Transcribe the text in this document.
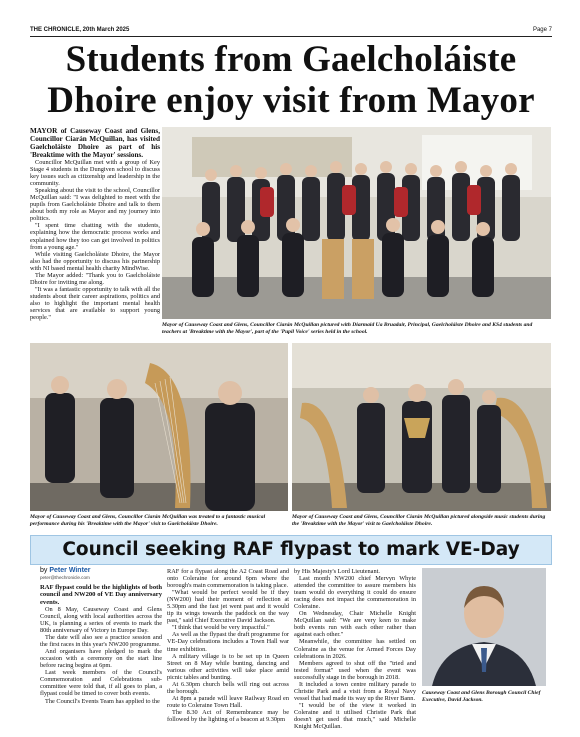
THE CHRONICLE, 20th March 2025	Page 7
Students from Gaelcholáiste Dhoire enjoy visit from Mayor

MAYOR of Causeway Coast and Glens, Councillor Ciarán McQuillan, has visited Gaelcholáiste Dhoire as part of his 'Breaktime with the Mayor' sessions.

Councillor McQuillan met with a group of Key Stage 4 students in the Dungiven school to discuss key issues such as citizenship and leadership in the community.

Speaking about the visit to the school, Councillor McQuillan said: "I was delighted to meet with the pupils from Gaelcholáiste Dhoire and talk to them about both my role as Mayor and my journey into politics.

"I spent time chatting with the students, explaining how the democratic process works and explained how they too can get involved in politics from a young age."

While visiting Gaelcholáiste Dhoire, the Mayor also had the opportunity to discuss his partnership with NI based mental health charity MindWise.

The Mayor added: "Thank you to Gaelcholáiste Dhoire for inviting me along.

"It was a fantastic opportunity to talk with all the students about their career aspirations, politics and also to highlight the important mental health services that are available to support young people."

Mayor of Causeway Coast and Glens, Councillor Ciarán McQuillan pictured with Diarmaid Ua Bruadair, Principal, Gaelcholáiste Dhoire and KS4 students and teachers at 'Breaktime with the Mayor', part of the 'Pupil Voice' series held in the school.
Mayor of Causeway Coast and Glens, Councillor Ciarán McQuillan was treated to a fantastic musical performance during his 'Breaktime with the Mayor' visit to Gaelcholáiste Dhoire.
Mayor of Causeway Coast and Glens, Councillor Ciarán McQuillan pictured alongside music students during the 'Breaktime with the Mayor' visit to Gaelcholáiste Dhoire.
Council seeking RAF flypast to mark VE-Day
by Peter Winter
peter@thechronicle.com

RAF flypast could be the highlights of both council and NW200 of VE Day anniversary events.

On 8 May, Causeway Coast and Glens Council, along with local authorities across the UK, is planning a series of events to mark the 80th anniversary of Victory in Europe Day.

The date will also see a practice session and the first races in this year's NW200 programme.

And organisers have pledged to mark the occasion with a ceremony on the start line before racing begins at 6pm.

Last week members of the Council's Commemoration and Celebrations sub-committee were told that, if all goes to plan, a flypast could be timed to cover both events.

The Council's Events Team has applied to the

RAF for a flypast along the A2 Coast Road and onto Coleraine for around 6pm where the borough's main commemoration is taking place.

"What would be perfect would be if they (NW200) had their moment of reflection at 5.30pm and the fast jet went past and it would tip its wings towards the paddock on the way past," said Chief Executive David Jackson.

"I think that would be very impactful."

As well as the flypast the draft programme for VE-Day celebrations includes a Town Hall war time exhibition.

A military village is to be set up in Queen Street on 8 May while bunting, dancing and various other activities will take place amid picnic tables and bunting.

At 6.30pm church bells will ring out across the borough.

At 8pm a parade will leave Railway Road en route to Coleraine Town Hall.

The 8.30 Act of Remembrance may be followed by the lighting of a beacon at 9.30pm

by His Majesty's Lord Lieutenant.

Last month NW200 chief Mervyn Whyte attended the committee to assure members his team would do everything it could do ensure racing does not impact the commemoration in Coleraine.

On Wednesday, Chair Michelle Knight McQuillan said: "We are very keen to make both events run with each other rather than against each other."

Meanwhile, the committee has settled on Coleraine as the venue for Armed Forces Day celebrations in 2026.

Members agreed to shut off the "tried and tested format" used when the event was successfully stage in the borough in 2018.

It included a town centre military parade to Christie Park and a visit from a Royal Navy vessel that had made its way up the River Bann.

"I would be of the view it worked in Coleraine and it utilised Christie Park that doesn't get used that much," said Michelle Knight McQuillan.

Causeway Coast and Glens Borough Council Chief Executive, David Jackson.
